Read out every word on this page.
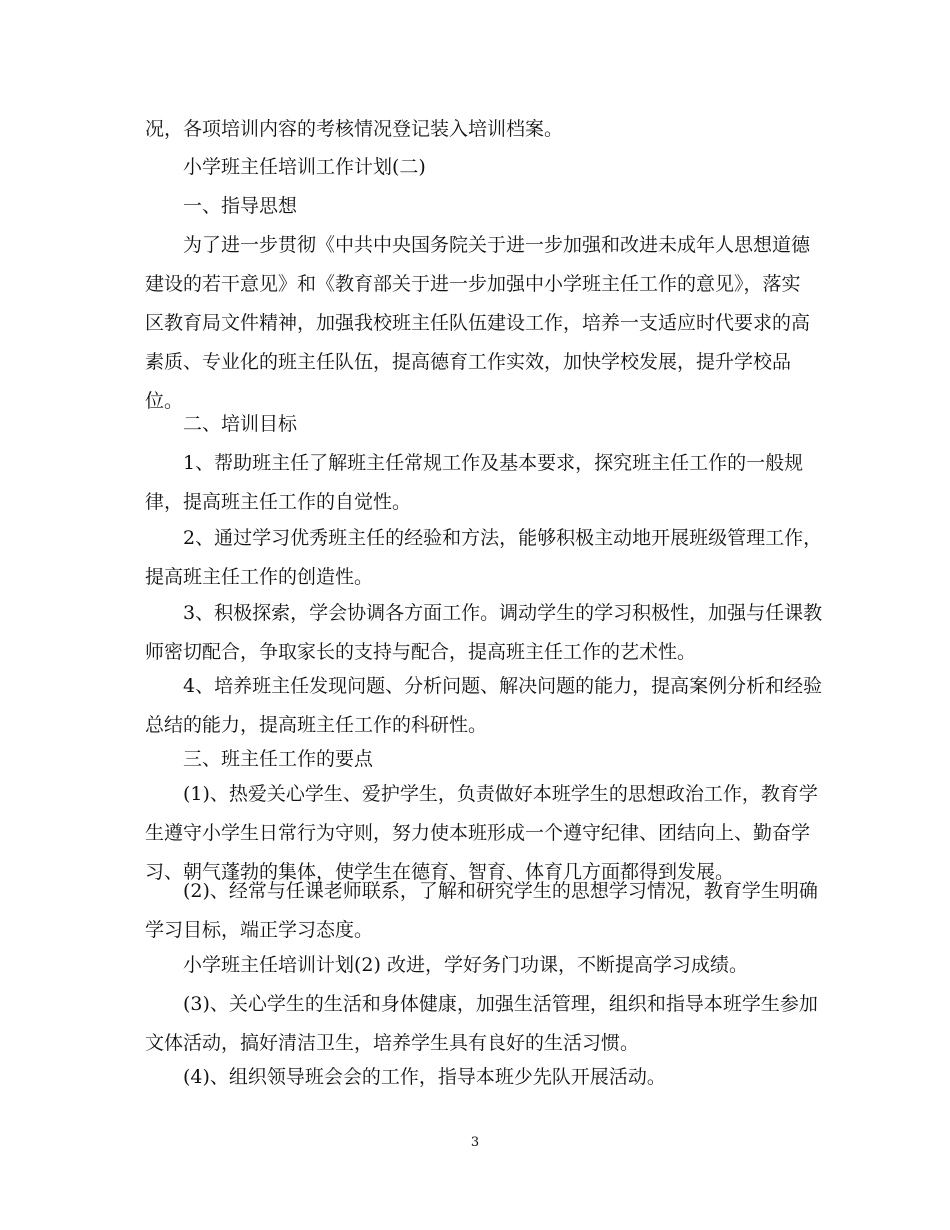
况，各项培训内容的考核情况登记装入培训档案。
小学班主任培训工作计划(二)
一、指导思想
为了进一步贯彻《中共中央国务院关于进一步加强和改进未成年人思想道德
建设的若干意见》和《教育部关于进一步加强中小学班主任工作的意见》，落实
区教育局文件精神，加强我校班主任队伍建设工作，培养一支适应时代要求的高
素质、专业化的班主任队伍，提高德育工作实效，加快学校发展，提升学校品
位。
二、培训目标
1、帮助班主任了解班主任常规工作及基本要求，探究班主任工作的一般规
律，提高班主任工作的自觉性。
2、通过学习优秀班主任的经验和方法，能够积极主动地开展班级管理工作，
提高班主任工作的创造性。
3、积极探索，学会协调各方面工作。调动学生的学习积极性，加强与任课教
师密切配合，争取家长的支持与配合，提高班主任工作的艺术性。
4、培养班主任发现问题、分析问题、解决问题的能力，提高案例分析和经验
总结的能力，提高班主任工作的科研性。
三、班主任工作的要点
(1)、热爱关心学生、爱护学生，负责做好本班学生的思想政治工作，教育学
生遵守小学生日常行为守则，努力使本班形成一个遵守纪律、团结向上、勤奋学
习、朝气蓬勃的集体，使学生在德育、智育、体育几方面都得到发展。
(2)、经常与任课老师联系，了解和研究学生的思想学习情况，教育学生明确
学习目标，端正学习态度。
小学班主任培训计划(2) 改进，学好务门功课，不断提高学习成绩。
(3)、关心学生的生活和身体健康，加强生活管理，组织和指导本班学生参加
文体活动，搞好清洁卫生，培养学生具有良好的生活习惯。
(4)、组织领导班会会的工作，指导本班少先队开展活动。
3
